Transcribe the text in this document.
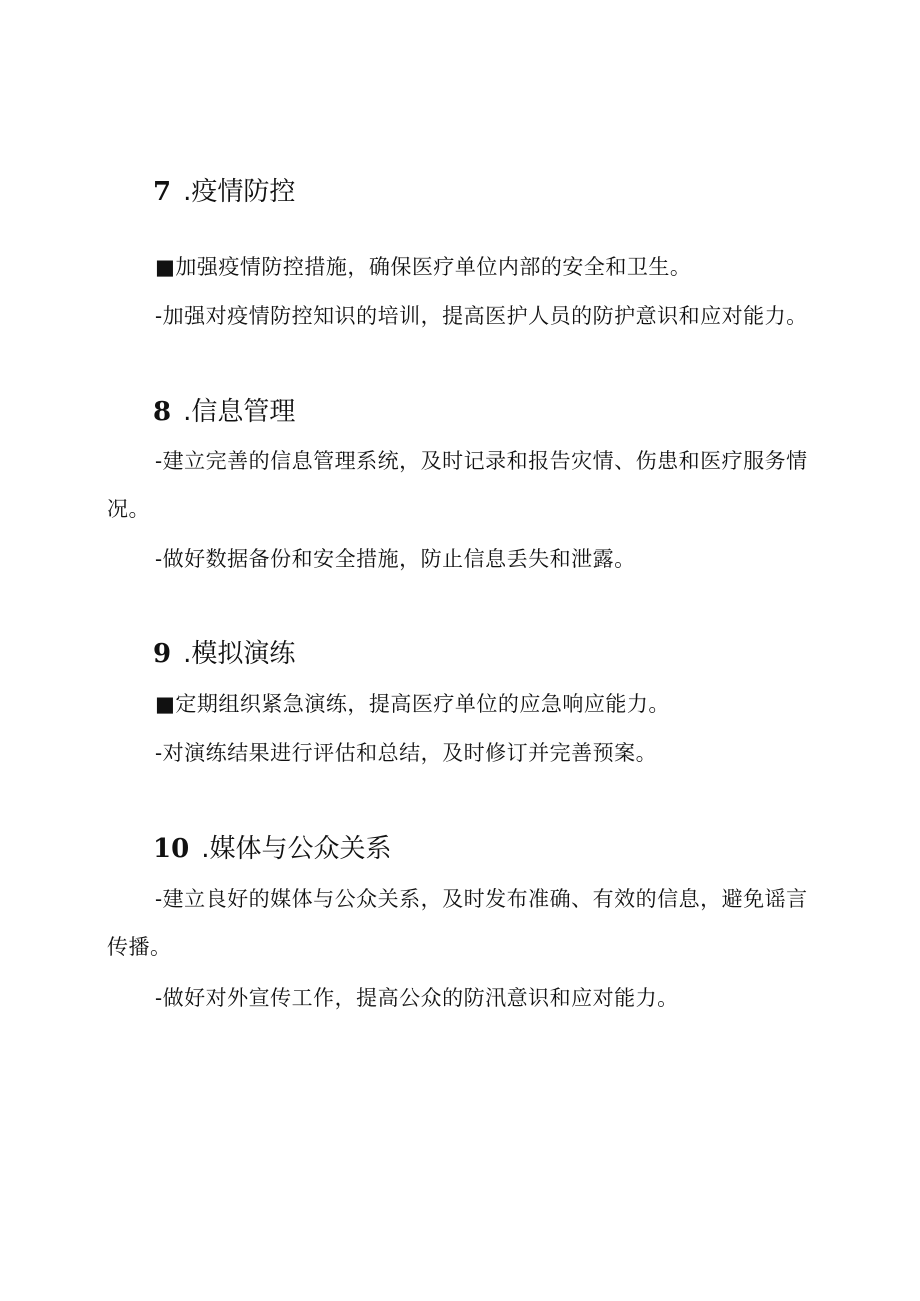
7 .疫情防控

■加强疫情防控措施，确保医疗单位内部的安全和卫生。

-加强对疫情防控知识的培训，提高医护人员的防护意识和应对能力。

8 .信息管理

-建立完善的信息管理系统，及时记录和报告灾情、伤患和医疗服务情况。

-做好数据备份和安全措施，防止信息丢失和泄露。

9 .模拟演练

■定期组织紧急演练，提高医疗单位的应急响应能力。

-对演练结果进行评估和总结，及时修订并完善预案。

10 .媒体与公众关系

-建立良好的媒体与公众关系，及时发布准确、有效的信息，避免谣言传播。

-做好对外宣传工作，提高公众的防汛意识和应对能力。
